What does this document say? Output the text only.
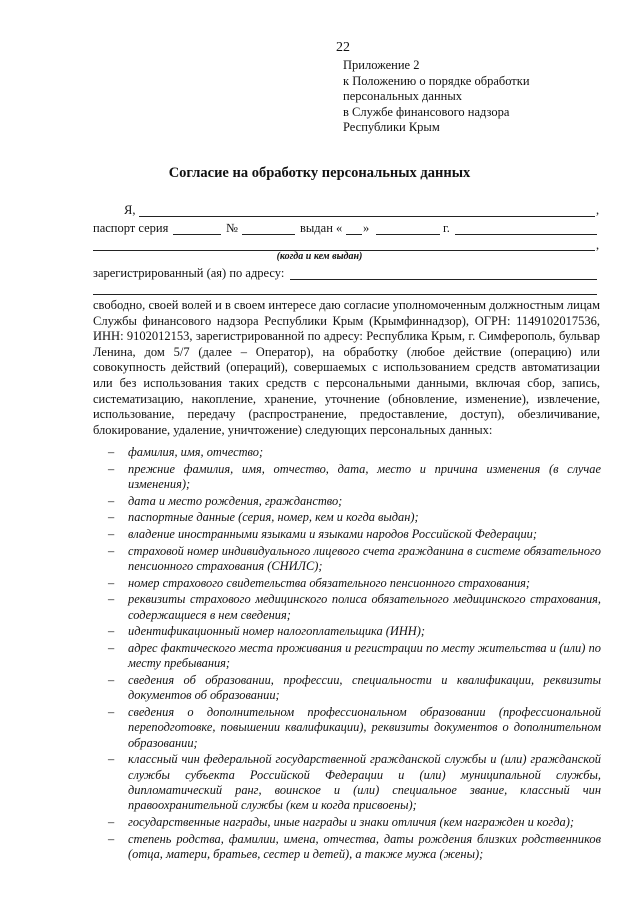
22
Приложение 2
к Положению о порядке обработки
персональных данных
в Службе финансового надзора
Республики Крым
Согласие на обработку персональных данных
Я,	,
паспорт серия	№	выдан « »	г.
,
(когда и кем выдан)
зарегистрированный (ая) по адресу:
свободно, своей волей и в своем интересе даю согласие уполномоченным должностным лицам Службы финансового надзора Республики Крым (Крымфиннадзор), ОГРН: 1149102017536, ИНН: 9102012153, зарегистрированной по адресу: Республика Крым, г. Симферополь, бульвар Ленина, дом 5/7 (далее – Оператор), на обработку (любое действие (операцию) или совокупность действий (операций), совершаемых с использованием средств автоматизации или без использования таких средств с персональными данными, включая сбор, запись, систематизацию, накопление, хранение, уточнение (обновление, изменение), извлечение, использование, передачу (распространение, предоставление, доступ), обезличивание, блокирование, удаление, уничтожение) следующих персональных данных:
– фамилия, имя, отчество;
– прежние фамилия, имя, отчество, дата, место и причина изменения (в случае изменения);
– дата и место рождения, гражданство;
– паспортные данные (серия, номер, кем и когда выдан);
– владение иностранными языками и языками народов Российской Федерации;
– страховой номер индивидуального лицевого счета гражданина в системе обязательного пенсионного страхования (СНИЛС);
– номер страхового свидетельства обязательного пенсионного страхования;
– реквизиты страхового медицинского полиса обязательного медицинского страхования, содержащиеся в нем сведения;
– идентификационный номер налогоплательщика (ИНН);
– адрес фактического места проживания и регистрации по месту жительства и (или) по месту пребывания;
– сведения об образовании, профессии, специальности и квалификации, реквизиты документов об образовании;
– сведения о дополнительном профессиональном образовании (профессиональной переподготовке, повышении квалификации), реквизиты документов о дополнительном образовании;
– классный чин федеральной государственной гражданской службы и (или) гражданской службы субъекта Российской Федерации и (или) муниципальной службы, дипломатический ранг, воинское и (или) специальное звание, классный чин правоохранительной службы (кем и когда присвоены);
– государственные награды, иные награды и знаки отличия (кем награжден и когда);
– степень родства, фамилии, имена, отчества, даты рождения близких родственников (отца, матери, братьев, сестер и детей), а также мужа (жены);
